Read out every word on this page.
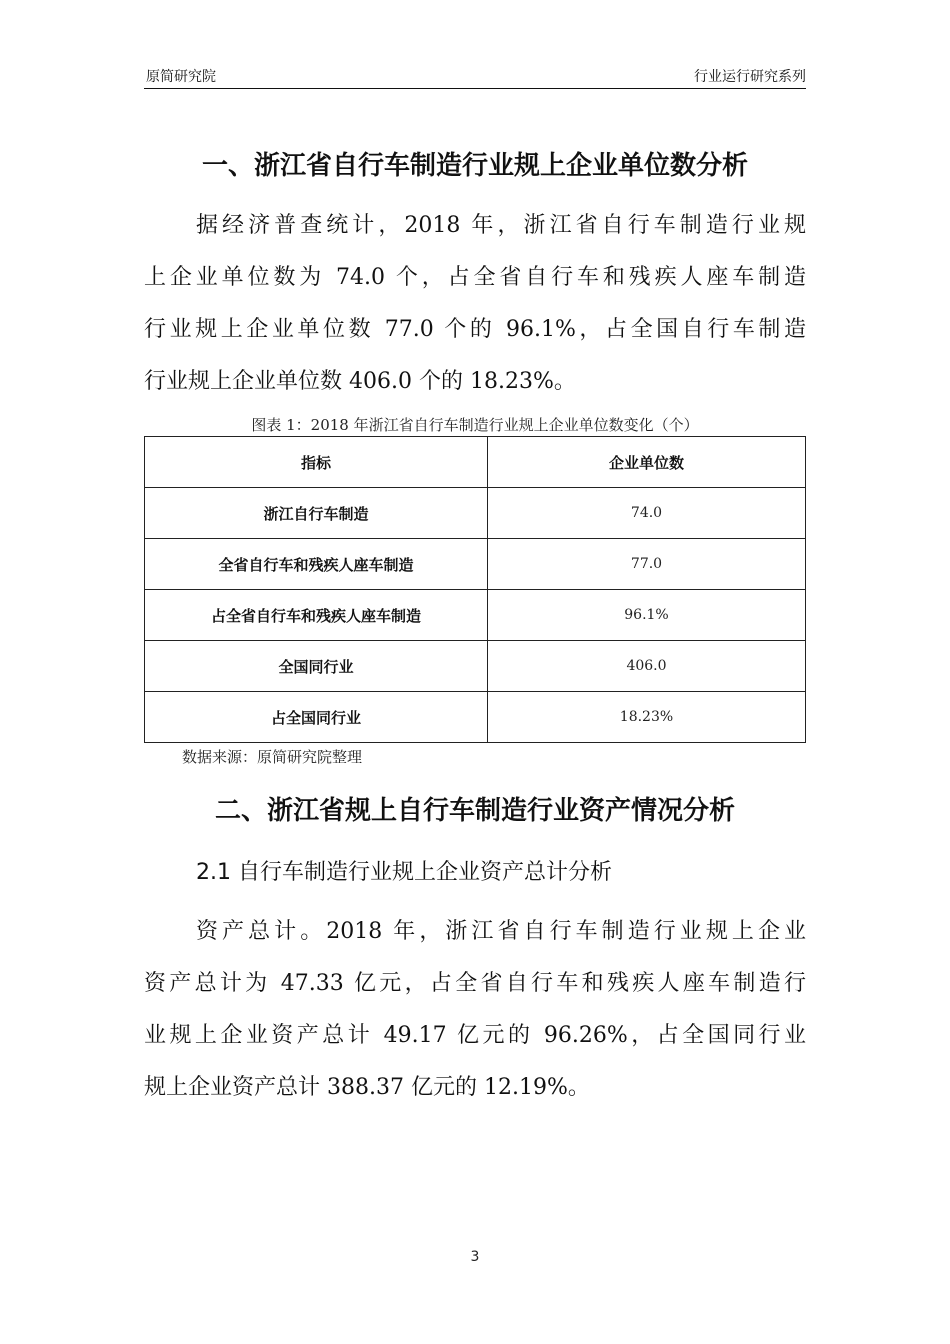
原简研究院	行业运行研究系列
一、浙江省自行车制造行业规上企业单位数分析
据经济普查统计，2018 年，浙江省自行车制造行业规
上企业单位数为 74.0 个，占全省自行车和残疾人座车制造
行业规上企业单位数 77.0 个的 96.1%，占全国自行车制造
行业规上企业单位数 406.0 个的 18.23%。
图表 1：2018 年浙江省自行车制造行业规上企业单位数变化（个）
指标	企业单位数
浙江自行车制造	74.0
全省自行车和残疾人座车制造	77.0
占全省自行车和残疾人座车制造	96.1%
全国同行业	406.0
占全国同行业	18.23%
数据来源：原简研究院整理
二、浙江省规上自行车制造行业资产情况分析
2.1 自行车制造行业规上企业资产总计分析
资产总计。2018 年，浙江省自行车制造行业规上企业
资产总计为 47.33 亿元，占全省自行车和残疾人座车制造行
业规上企业资产总计 49.17 亿元的 96.26%，占全国同行业
规上企业资产总计 388.37 亿元的 12.19%。
3
